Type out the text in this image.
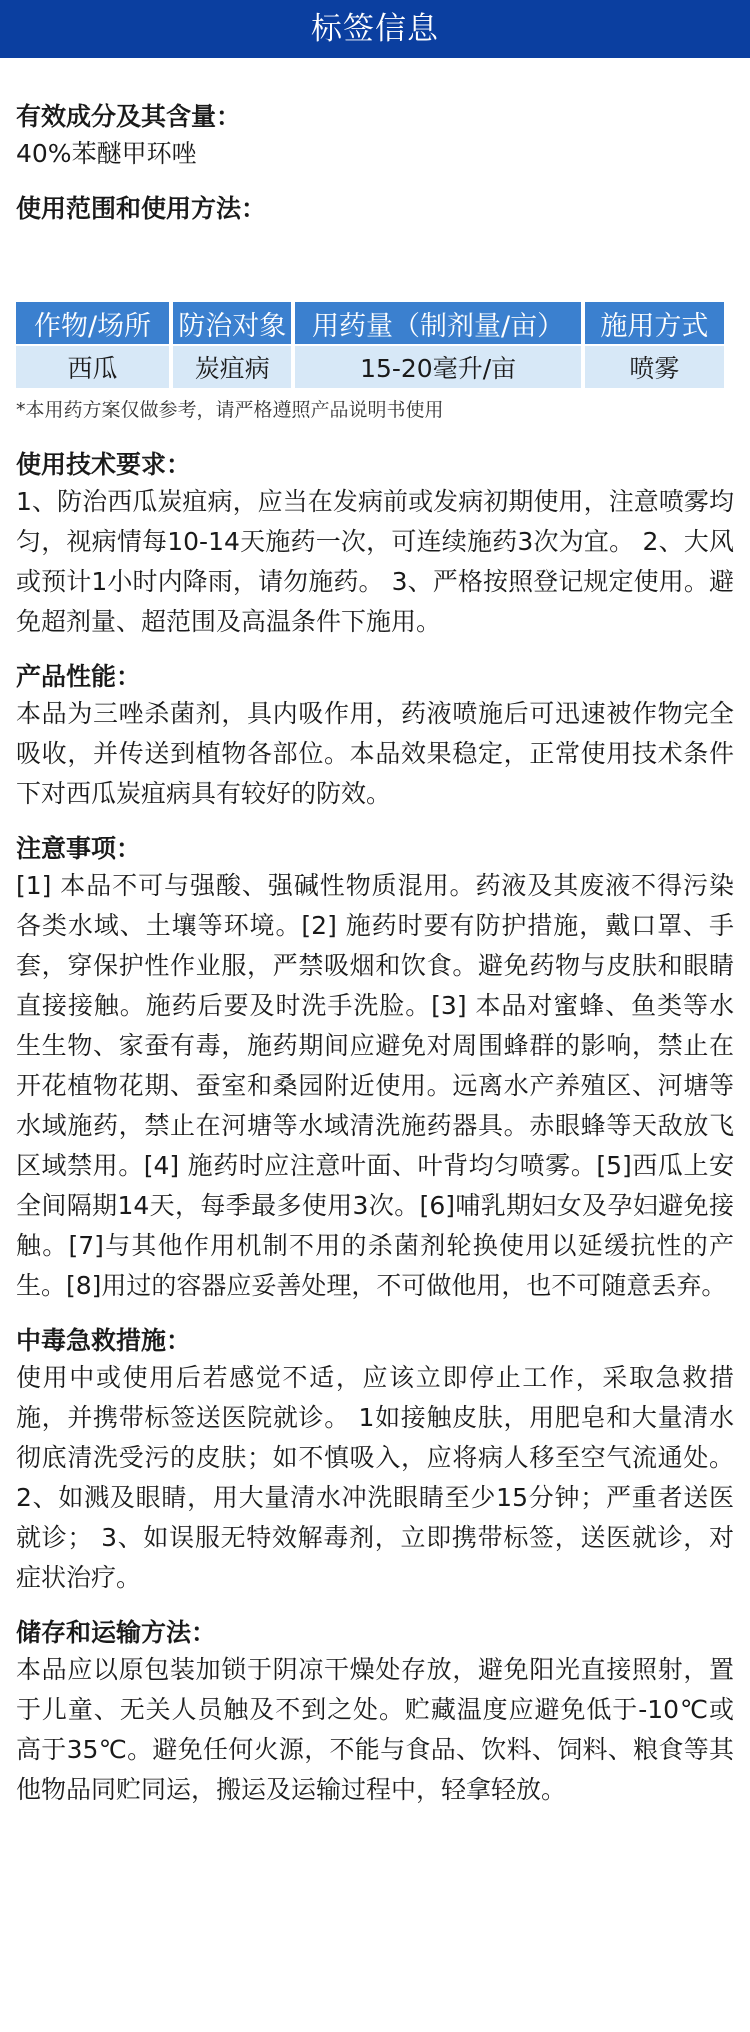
标签信息

有效成分及其含量：

40%苯醚甲环唑

使用范围和使用方法：

作物/场所	防治对象	用药量（制剂量/亩）	施用方式
西瓜	炭疽病	15-20毫升/亩	喷雾
*本用药方案仅做参考，请严格遵照产品说明书使用

使用技术要求：

1、防治西瓜炭疽病，应当在发病前或发病初期使用，注意喷雾均匀，视病情每10-14天施药一次，可连续施药3次为宜。 2、大风或预计1小时内降雨，请勿施药。 3、严格按照登记规定使用。避免超剂量、超范围及高温条件下施用。

产品性能：

本品为三唑杀菌剂，具内吸作用，药液喷施后可迅速被作物完全吸收，并传送到植物各部位。本品效果稳定，正常使用技术条件下对西瓜炭疽病具有较好的防效。

注意事项：

[1] 本品不可与强酸、强碱性物质混用。药液及其废液不得污染各类水域、土壤等环境。[2] 施药时要有防护措施，戴口罩、手套，穿保护性作业服，严禁吸烟和饮食。避免药物与皮肤和眼睛直接接触。施药后要及时洗手洗脸。[3] 本品对蜜蜂、鱼类等水生生物、家蚕有毒，施药期间应避免对周围蜂群的影响，禁止在开花植物花期、蚕室和桑园附近使用。远离水产养殖区、河塘等水域施药，禁止在河塘等水域清洗施药器具。赤眼蜂等天敌放飞区域禁用。[4] 施药时应注意叶面、叶背均匀喷雾。[5]西瓜上安全间隔期14天，每季最多使用3次。[6]哺乳期妇女及孕妇避免接触。[7]与其他作用机制不用的杀菌剂轮换使用以延缓抗性的产生。[8]用过的容器应妥善处理，不可做他用，也不可随意丢弃。

中毒急救措施：

使用中或使用后若感觉不适，应该立即停止工作，采取急救措施，并携带标签送医院就诊。 1如接触皮肤，用肥皂和大量清水彻底清洗受污的皮肤；如不慎吸入，应将病人移至空气流通处。 2、如溅及眼睛，用大量清水冲洗眼睛至少15分钟；严重者送医就诊； 3、如误服无特效解毒剂，立即携带标签，送医就诊，对症状治疗。

储存和运输方法：

本品应以原包装加锁于阴凉干燥处存放，避免阳光直接照射，置于儿童、无关人员触及不到之处。贮藏温度应避免低于-10℃或高于35℃。避免任何火源，不能与食品、饮料、饲料、粮食等其他物品同贮同运，搬运及运输过程中，轻拿轻放。
